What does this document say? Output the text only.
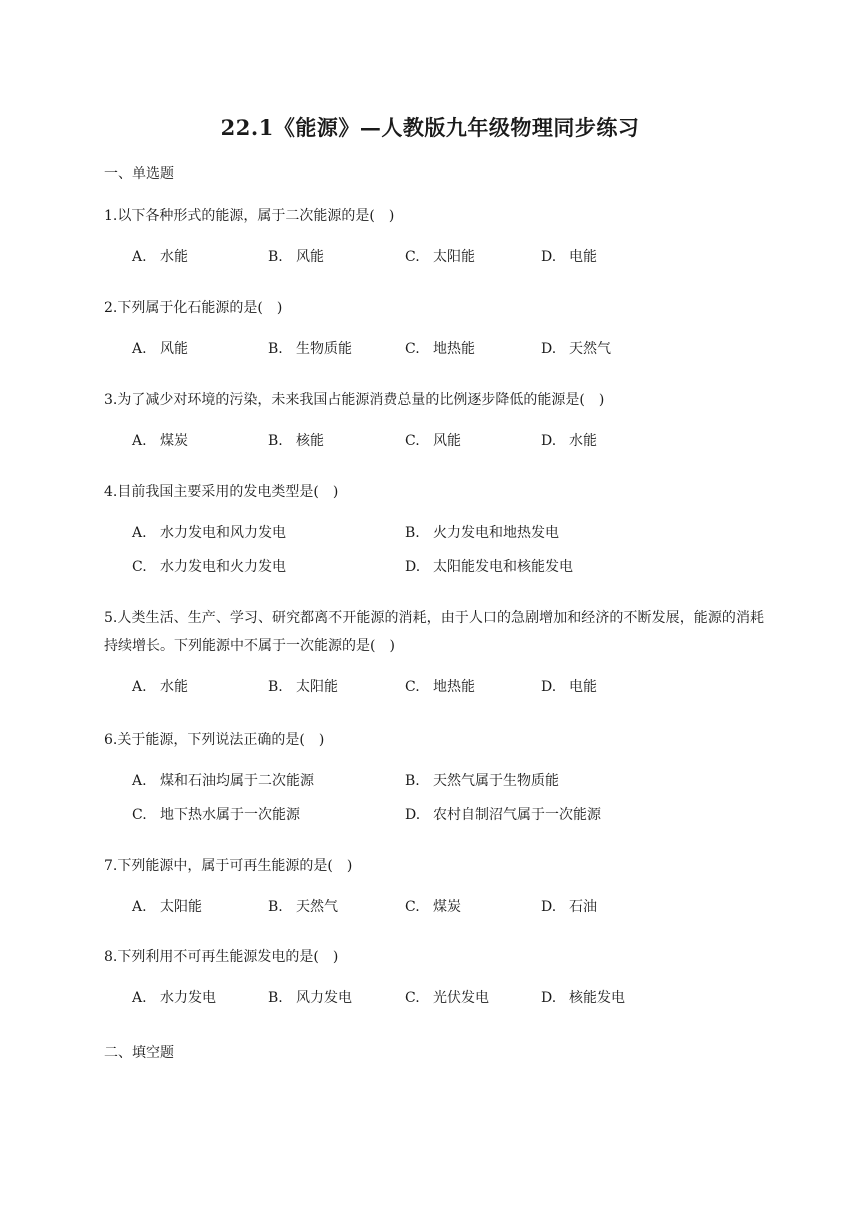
22.1《能源》—人教版九年级物理同步练习
一、单选题
1.以下各种形式的能源，属于二次能源的是(　)
A. 水能	B. 风能	C. 太阳能	D. 电能
2.下列属于化石能源的是(　)
A. 风能	B. 生物质能	C. 地热能	D. 天然气
3.为了减少对环境的污染，未来我国占能源消费总量的比例逐步降低的能源是(　)
A. 煤炭	B. 核能	C. 风能	D. 水能
4.目前我国主要采用的发电类型是(　)
A. 水力发电和风力发电	B. 火力发电和地热发电
C. 水力发电和火力发电	D. 太阳能发电和核能发电
5.人类生活、生产、学习、研究都离不开能源的消耗，由于人口的急剧增加和经济的不断发展，能源的消耗持续增长。下列能源中不属于一次能源的是(　)
A. 水能	B. 太阳能	C. 地热能	D. 电能
6.关于能源，下列说法正确的是(　)
A. 煤和石油均属于二次能源	B. 天然气属于生物质能
C. 地下热水属于一次能源	D. 农村自制沼气属于一次能源
7.下列能源中，属于可再生能源的是(　)
A. 太阳能	B. 天然气	C. 煤炭	D. 石油
8.下列利用不可再生能源发电的是(　)
A. 水力发电	B. 风力发电	C. 光伏发电	D. 核能发电
二、填空题
